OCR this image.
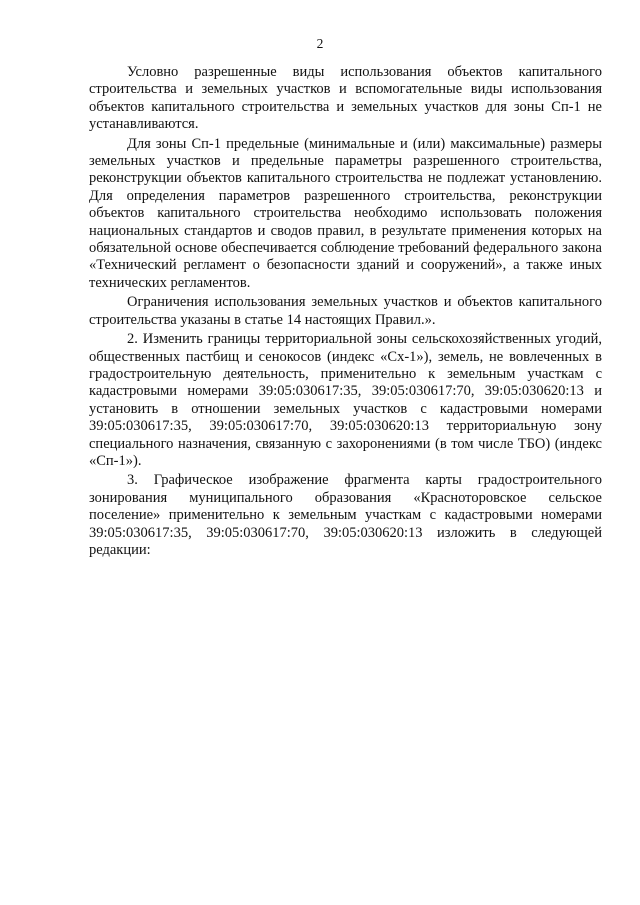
2

Условно разрешенные виды использования объектов капитального строительства и земельных участков и вспомогательные виды использования объектов капитального строительства и земельных участков для зоны Сп-1 не устанавливаются.

Для зоны Сп-1 предельные (минимальные и (или) максимальные) размеры земельных участков и предельные параметры разрешенного строительства, реконструкции объектов капитального строительства не подлежат установлению. Для определения параметров разрешенного строительства, реконструкции объектов капитального строительства необходимо использовать положения национальных стандартов и сводов правил, в результате применения которых на обязательной основе обеспечивается соблюдение требований федерального закона «Технический регламент о безопасности зданий и сооружений», а также иных технических регламентов.

Ограничения использования земельных участков и объектов капитального строительства указаны в статье 14 настоящих Правил.».

2. Изменить границы территориальной зоны сельскохозяйственных угодий, общественных пастбищ и сенокосов (индекс «Сх-1»), земель, не вовлеченных в градостроительную деятельность, применительно к земельным участкам с кадастровыми номерами 39:05:030617:35, 39:05:030617:70, 39:05:030620:13 и установить в отношении земельных участков с кадастровыми номерами 39:05:030617:35, 39:05:030617:70, 39:05:030620:13 территориальную зону специального назначения, связанную с захоронениями (в том числе ТБО) (индекс «Сп-1»).

3. Графическое изображение фрагмента карты градостроительного зонирования муниципального образования «Красноторовское сельское поселение» применительно к земельным участкам с кадастровыми номерами 39:05:030617:35, 39:05:030617:70, 39:05:030620:13 изложить в следующей редакции:
